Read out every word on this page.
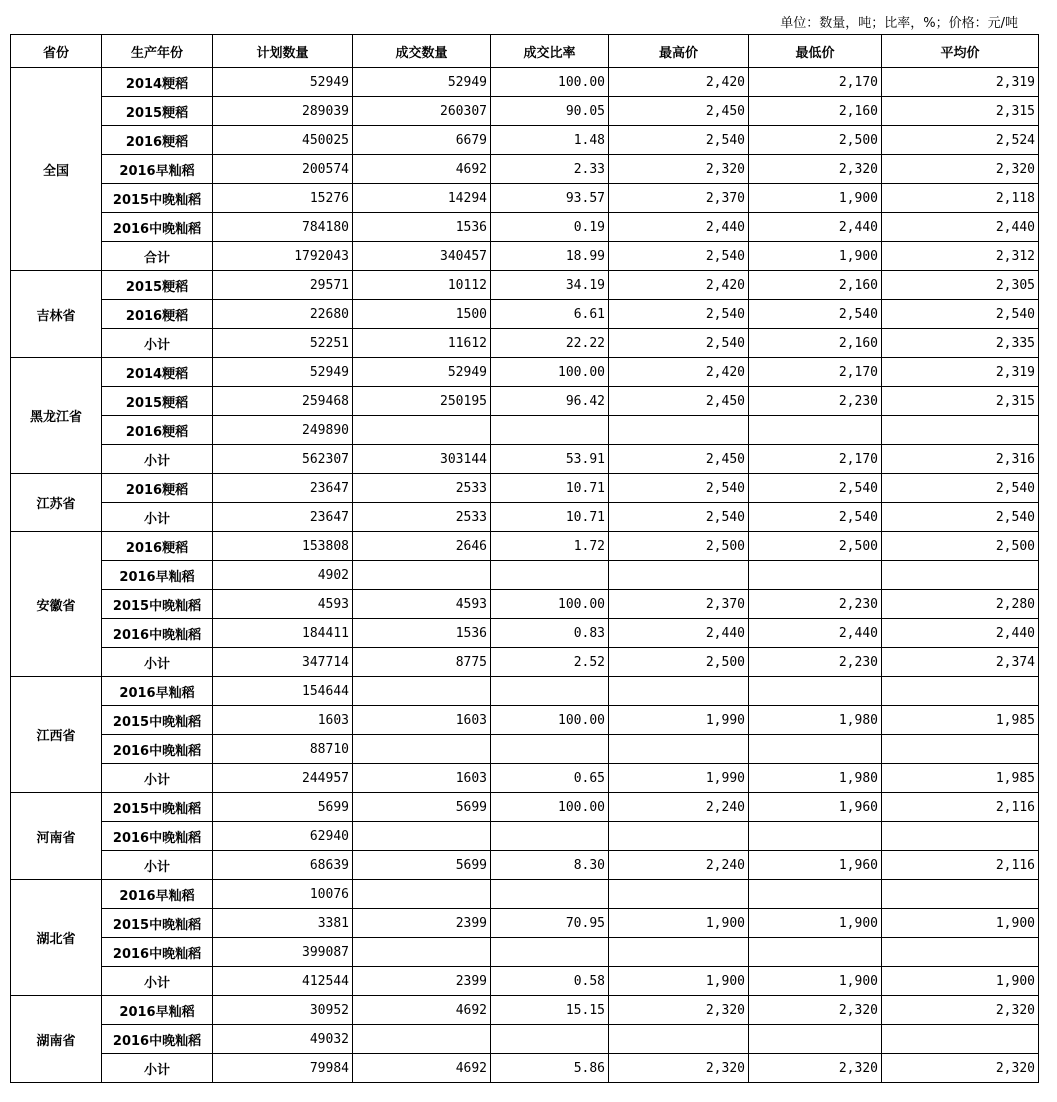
单位：数量，吨；比率，%；价格：元/吨
省份	生产年份	计划数量	成交数量	成交比率	最高价	最低价	平均价
全国	2014粳稻	52949	52949	100.00	2,420	2,170	2,319
	2015粳稻	289039	260307	90.05	2,450	2,160	2,315
	2016粳稻	450025	6679	1.48	2,540	2,500	2,524
	2016早籼稻	200574	4692	2.33	2,320	2,320	2,320
	2015中晚籼稻	15276	14294	93.57	2,370	1,900	2,118
	2016中晚籼稻	784180	1536	0.19	2,440	2,440	2,440
	合计	1792043	340457	18.99	2,540	1,900	2,312
吉林省	2015粳稻	29571	10112	34.19	2,420	2,160	2,305
	2016粳稻	22680	1500	6.61	2,540	2,540	2,540
	小计	52251	11612	22.22	2,540	2,160	2,335
黑龙江省	2014粳稻	52949	52949	100.00	2,420	2,170	2,319
	2015粳稻	259468	250195	96.42	2,450	2,230	2,315
	2016粳稻	249890					
	小计	562307	303144	53.91	2,450	2,170	2,316
江苏省	2016粳稻	23647	2533	10.71	2,540	2,540	2,540
	小计	23647	2533	10.71	2,540	2,540	2,540
安徽省	2016粳稻	153808	2646	1.72	2,500	2,500	2,500
	2016早籼稻	4902					
	2015中晚籼稻	4593	4593	100.00	2,370	2,230	2,280
	2016中晚籼稻	184411	1536	0.83	2,440	2,440	2,440
	小计	347714	8775	2.52	2,500	2,230	2,374
江西省	2016早籼稻	154644					
	2015中晚籼稻	1603	1603	100.00	1,990	1,980	1,985
	2016中晚籼稻	88710					
	小计	244957	1603	0.65	1,990	1,980	1,985
河南省	2015中晚籼稻	5699	5699	100.00	2,240	1,960	2,116
	2016中晚籼稻	62940					
	小计	68639	5699	8.30	2,240	1,960	2,116
湖北省	2016早籼稻	10076					
	2015中晚籼稻	3381	2399	70.95	1,900	1,900	1,900
	2016中晚籼稻	399087					
	小计	412544	2399	0.58	1,900	1,900	1,900
湖南省	2016早籼稻	30952	4692	15.15	2,320	2,320	2,320
	2016中晚籼稻	49032					
	小计	79984	4692	5.86	2,320	2,320	2,320
